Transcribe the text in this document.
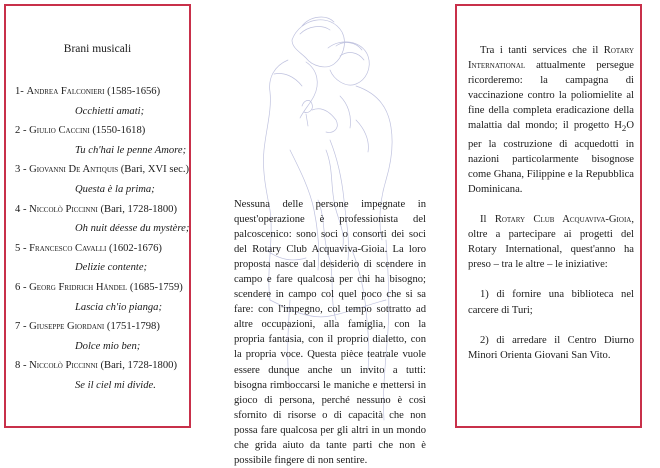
Brani musicali
1- Andrea Falconieri (1585-1656)
Occhietti amati;
2 - Giulio Caccini (1550-1618)
Tu ch'hai le penne Amore;
3 - Giovanni De Antiquis (Bari, XVI sec.)
Questa è la prima;
4 - Niccolò Piccinni (Bari, 1728-1800)
Oh nuit déesse du mystère;
5 - Francesco Cavalli (1602-1676)
Delizie contente;
6 - Georg Fridrich Händel (1685-1759)
Lascia ch'io pianga;
7 - Giuseppe Giordani (1751-1798)
Dolce mio ben;
8 - Niccolò Piccinni (Bari, 1728-1800)
Se il ciel mi divide.
Nessuna delle persone impegnate in quest'operazione è professionista del palcoscenico: sono soci o consorti dei soci del Rotary Club Acquaviva-Gioia. La loro proposta nasce dal desiderio di scendere in campo e fare qualcosa per chi ha bisogno; scendere in campo col quel poco che si sa fare: con l'impegno, col tempo sottratto ad altre occupazioni, alla famiglia, con la propria fantasia, con il proprio dialetto, con la propria voce. Questa pièce teatrale vuole essere dunque anche un invito a tutti: bisogna rimboccarsi le maniche e mettersi in gioco di persona, perché nessuno è così sfornito di risorse o di capacità che non possa fare qualcosa per gli altri in un mondo che grida aiuto da tante parti che non è possibile fingere di non sentire.

Tra i tanti services che il Rotary International attualmente persegue ricorderemo: la campagna di vaccinazione contro la poliomielite al fine della completa eradicazione della malattia dal mondo; il progetto $H_2O$ per la costruzione di acquedotti in nazioni particolarmente bisognose come Ghana, Filippine e la Repubblica Dominicana.

Il Rotary Club Acquaviva-Gioia, oltre a partecipare ai progetti del Rotary International, quest'anno ha preso – tra le altre – le iniziative:

1) di fornire una biblioteca nel carcere di Turi;

2) di arredare il Centro Diurno Minori Orienta Giovani San Vito.
